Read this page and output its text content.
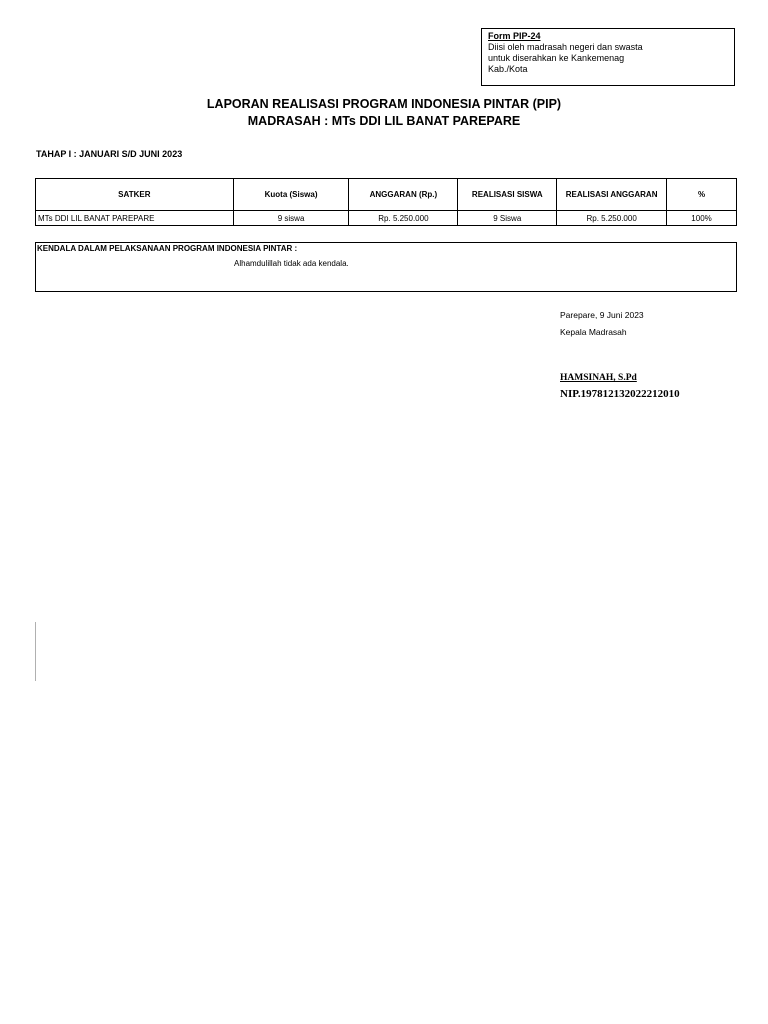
Form PIP-24
Diisi oleh madrasah negeri dan swasta untuk diserahkan ke Kankemenag Kab./Kota
LAPORAN REALISASI PROGRAM INDONESIA PINTAR (PIP)
MADRASAH : MTs DDI LIL BANAT PAREPARE
TAHAP I : JANUARI S/D JUNI 2023
SATKER	Kuota (Siswa)	ANGGARAN (Rp.)	REALISASI SISWA	REALISASI ANGGARAN	%
MTs DDI LIL BANAT PAREPARE	9 siswa	Rp. 5.250.000	9 Siswa	Rp. 5.250.000	100%
KENDALA DALAM PELAKSANAAN PROGRAM INDONESIA PINTAR :
Alhamdulillah tidak ada kendala.
Parepare, 9 Juni 2023
Kepala Madrasah
HAMSINAH, S.Pd
NIP.197812132022212010
